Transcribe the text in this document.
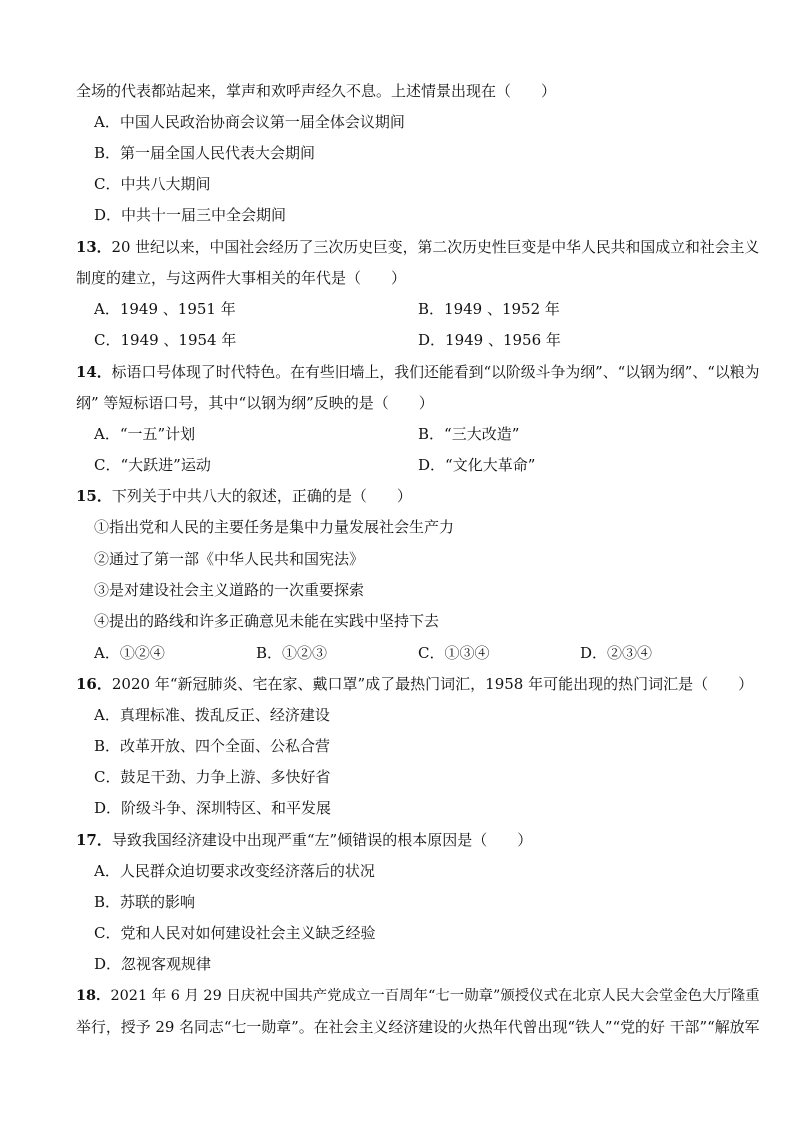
全场的代表都站起来，掌声和欢呼声经久不息。上述情景出现在（　　）
A．中国人民政治协商会议第一届全体会议期间
B．第一届全国人民代表大会期间
C．中共八大期间
D．中共十一届三中全会期间
13．20 世纪以来，中国社会经历了三次历史巨变，第二次历史性巨变是中华人民共和国成立和社会主义
制度的建立，与这两件大事相关的年代是（　　）
A．1949 、1951 年	B．1949 、1952 年
C．1949 、1954 年	D．1949 、1956 年
14．标语口号体现了时代特色。在有些旧墙上，我们还能看到“以阶级斗争为纲”、“以钢为纲”、“以粮为
纲” 等短标语口号，其中“以钢为纲”反映的是（　　）
A．“一五”计划	B．“三大改造”
C．“大跃进”运动	D．“文化大革命”
15．下列关于中共八大的叙述，正确的是（　　）
①指出党和人民的主要任务是集中力量发展社会生产力
②通过了第一部《中华人民共和国宪法》
③是对建设社会主义道路的一次重要探索
④提出的路线和许多正确意见未能在实践中坚持下去
A．①②④	B．①②③	C．①③④	D．②③④
16．2020 年“新冠肺炎、宅在家、戴口罩”成了最热门词汇，1958 年可能出现的热门词汇是（　　）
A．真理标准、拨乱反正、经济建设
B．改革开放、四个全面、公私合营
C．鼓足干劲、力争上游、多快好省
D．阶级斗争、深圳特区、和平发展
17．导致我国经济建设中出现严重“左”倾错误的根本原因是（　　）
A．人民群众迫切要求改变经济落后的状况
B．苏联的影响
C．党和人民对如何建设社会主义缺乏经验
D．忽视客观规律
18．2021 年 6 月 29 日庆祝中国共产党成立一百周年“七一勋章”颁授仪式在北京人民大会堂金色大厅隆重
举行，授予 29 名同志“七一勋章”。在社会主义经济建设的火热年代曾出现“铁人”“党的好 干部”“解放军
